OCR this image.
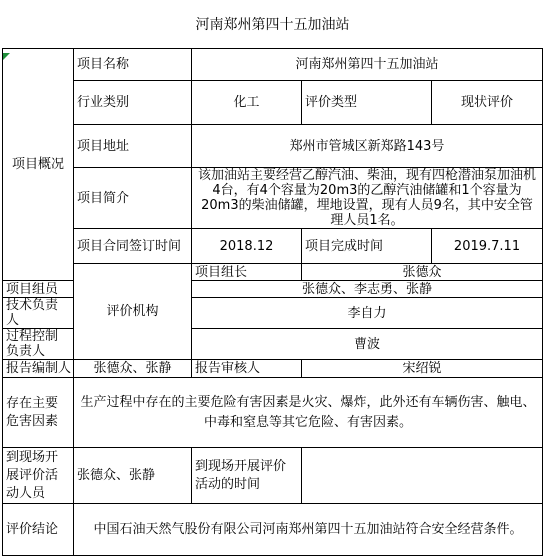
河南郑州第四十五加油站
项目概况	项目名称	河南郑州第四十五加油站		
	行业类别	化工	评价类型	现状评价
	项目地址	郑州市管城区新郑路143号		
	项目简介	该加油站主要经营乙醇汽油、柴油，现有四枪潜油泵加油机4台，有4个容量为20m3的乙醇汽油储罐和1个容量为20m3的柴油储罐，埋地设置，现有人员9名，其中安全管理人员1名。		
	项目合同签订时间	2018.12	项目完成时间	2019.7.11
	评价机构	项目组长	张德众	
项目组员		张德众、李志勇、张静		
技术负责人		李自力		
过程控制负责人		曹波		
报告编制人	张德众、张静	报告审核人	宋绍锐	
存在主要危害因素	生产过程中存在的主要危险有害因素是火灾、爆炸，此外还有车辆伤害、触电、中毒和窒息等其它危险、有害因素。			
到现场开展评价活动人员	张德众、张静	到现场开展评价活动的时间		
评价结论	中国石油天然气股份有限公司河南郑州第四十五加油站符合安全经营条件。			
